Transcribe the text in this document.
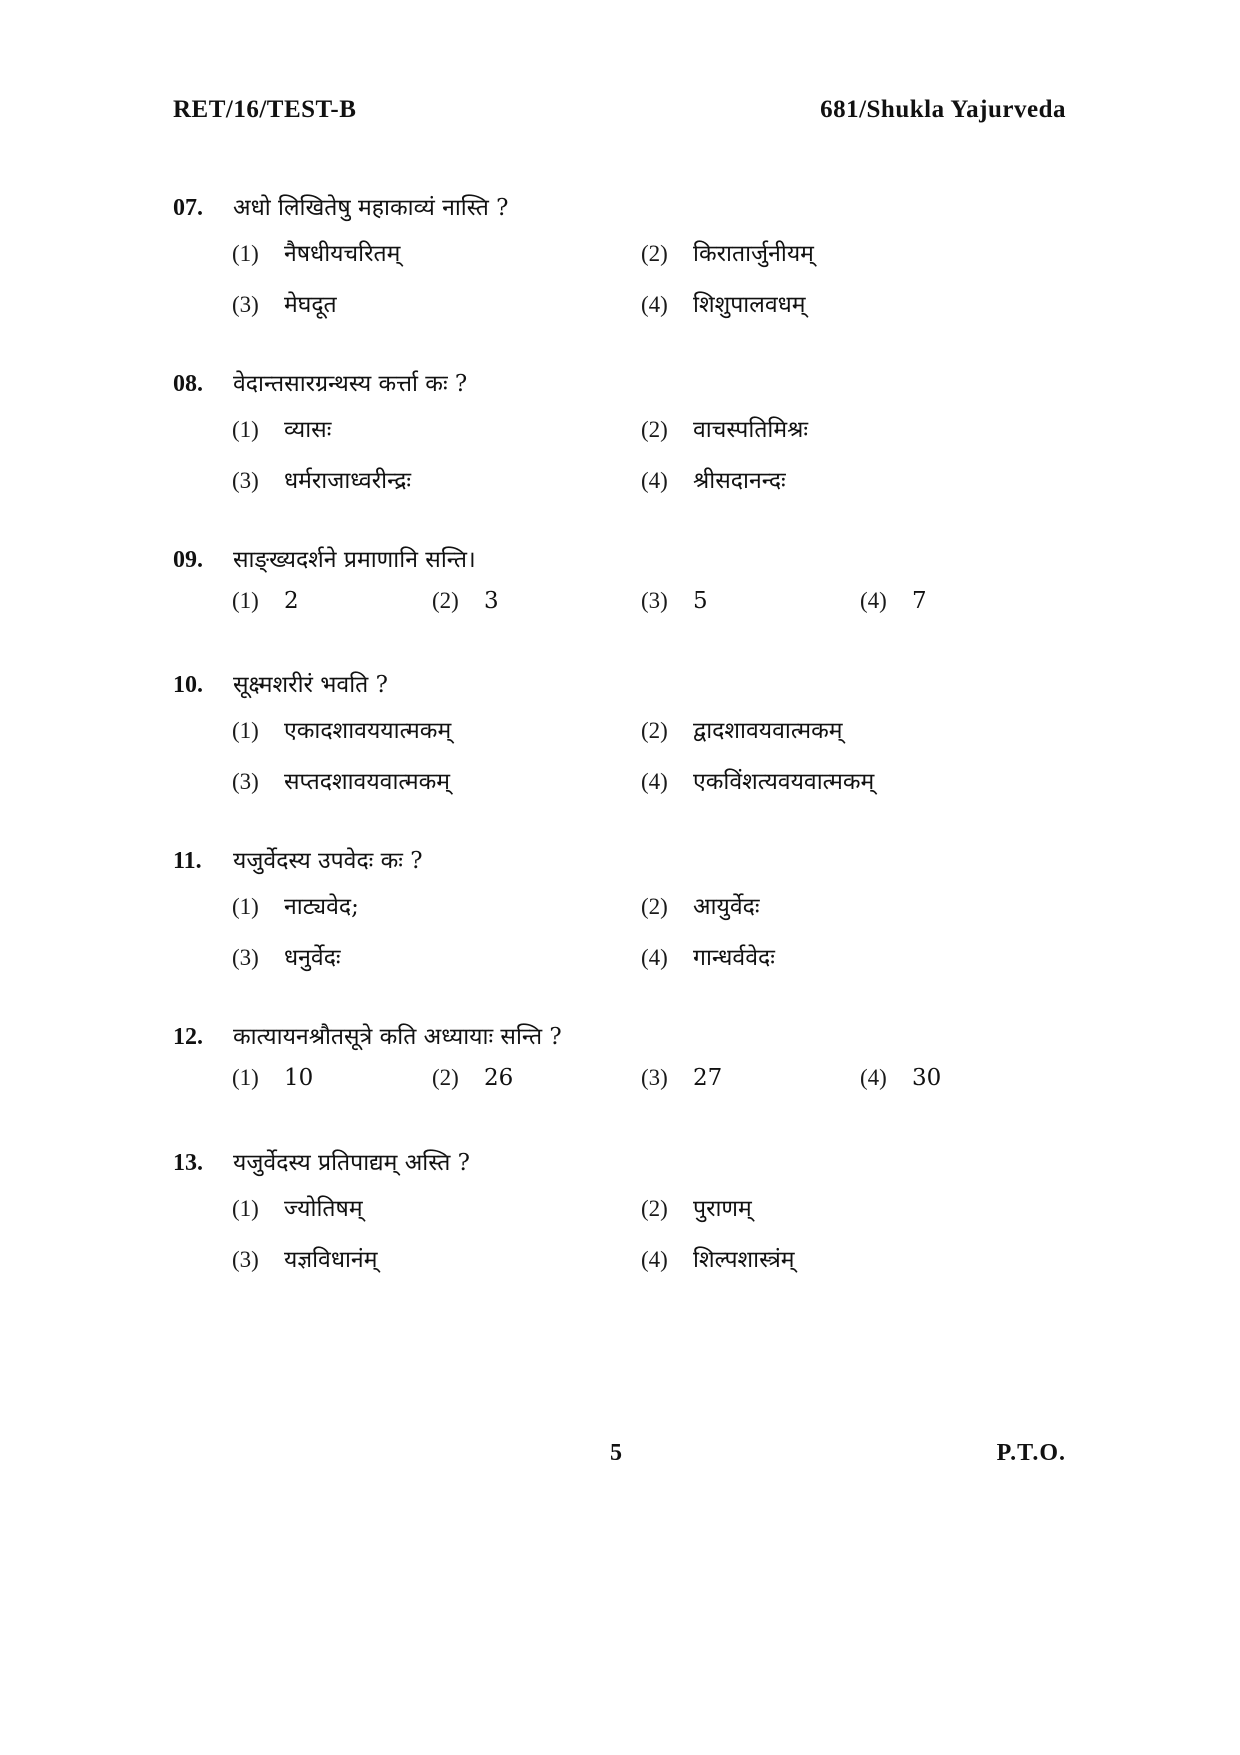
RET/16/TEST-B	681/Shukla Yajurveda
07.	अधो लिखितेषु महाकाव्यं नास्ति ?
(1)	नैषधीयचरितम्	(2)	किरातार्जुनीयम्
(3)	मेघदूत	(4)	शिशुपालवधम्
08.	वेदान्तसारग्रन्थस्य कर्त्ता कः ?
(1)	व्यासः	(2)	वाचस्पतिमिश्रः
(3)	धर्मराजाध्वरीन्द्रः	(4)	श्रीसदानन्दः
09.	साङ्ख्यदर्शने प्रमाणानि सन्ति।
(1)	2	(2)	3	(3)	5	(4)	7
10.	सूक्ष्मशरीरं भवति ?
(1)	एकादशावययात्मकम्	(2)	द्वादशावयवात्मकम्
(3)	सप्तदशावयवात्मकम्	(4)	एकविंशत्यवयवात्मकम्
11.	यजुर्वेदस्य उपवेदः कः ?
(1)	नाट्यवेद;	(2)	आयुर्वेदः
(3)	धनुर्वेदः	(4)	गान्धर्ववेदः
12.	कात्यायनश्रौतसूत्रे कति अध्यायाः सन्ति ?
(1)	10	(2)	26	(3)	27	(4)	30
13.	यजुर्वेदस्य प्रतिपाद्यम् अस्ति ?
(1)	ज्योतिषम्	(2)	पुराणम्
(3)	यज्ञविधानंम्	(4)	शिल्पशास्त्रंम्
5	P.T.O.
